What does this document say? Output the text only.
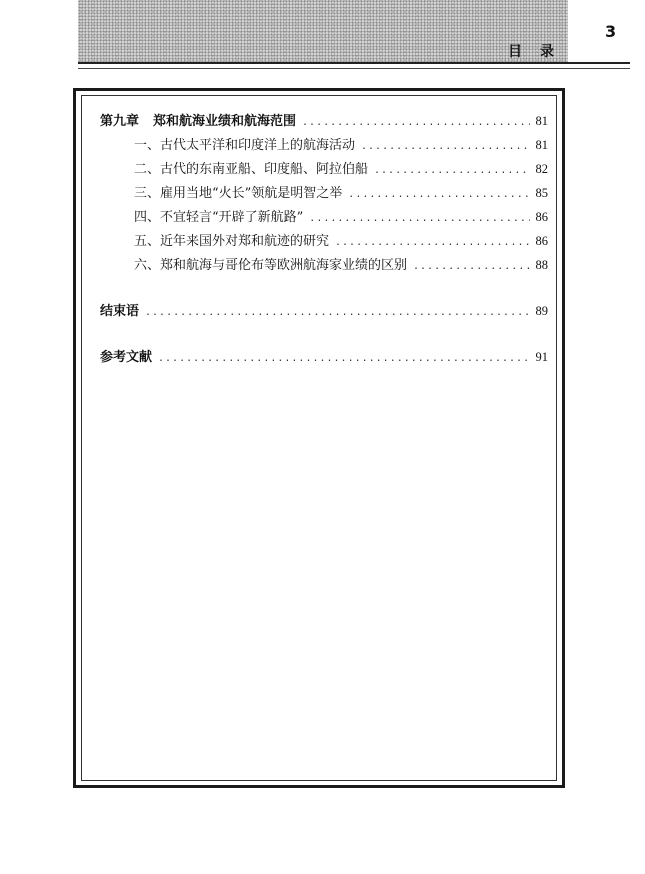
目录
3
第九章 郑和航海业绩和航海范围 .....	81
一、古代太平洋和印度洋上的航海活动 .....	81
二、古代的东南亚船、印度船、阿拉伯船 .....	82
三、雇用当地“火长”领航是明智之举 .....	85
四、不宜轻言“开辟了新航路” .....	86
五、近年来国外对郑和航迹的研究 .....	86
六、郑和航海与哥伦布等欧洲航海家业绩的区别 .....	88
结束语 .....	89
参考文献 .....	91
